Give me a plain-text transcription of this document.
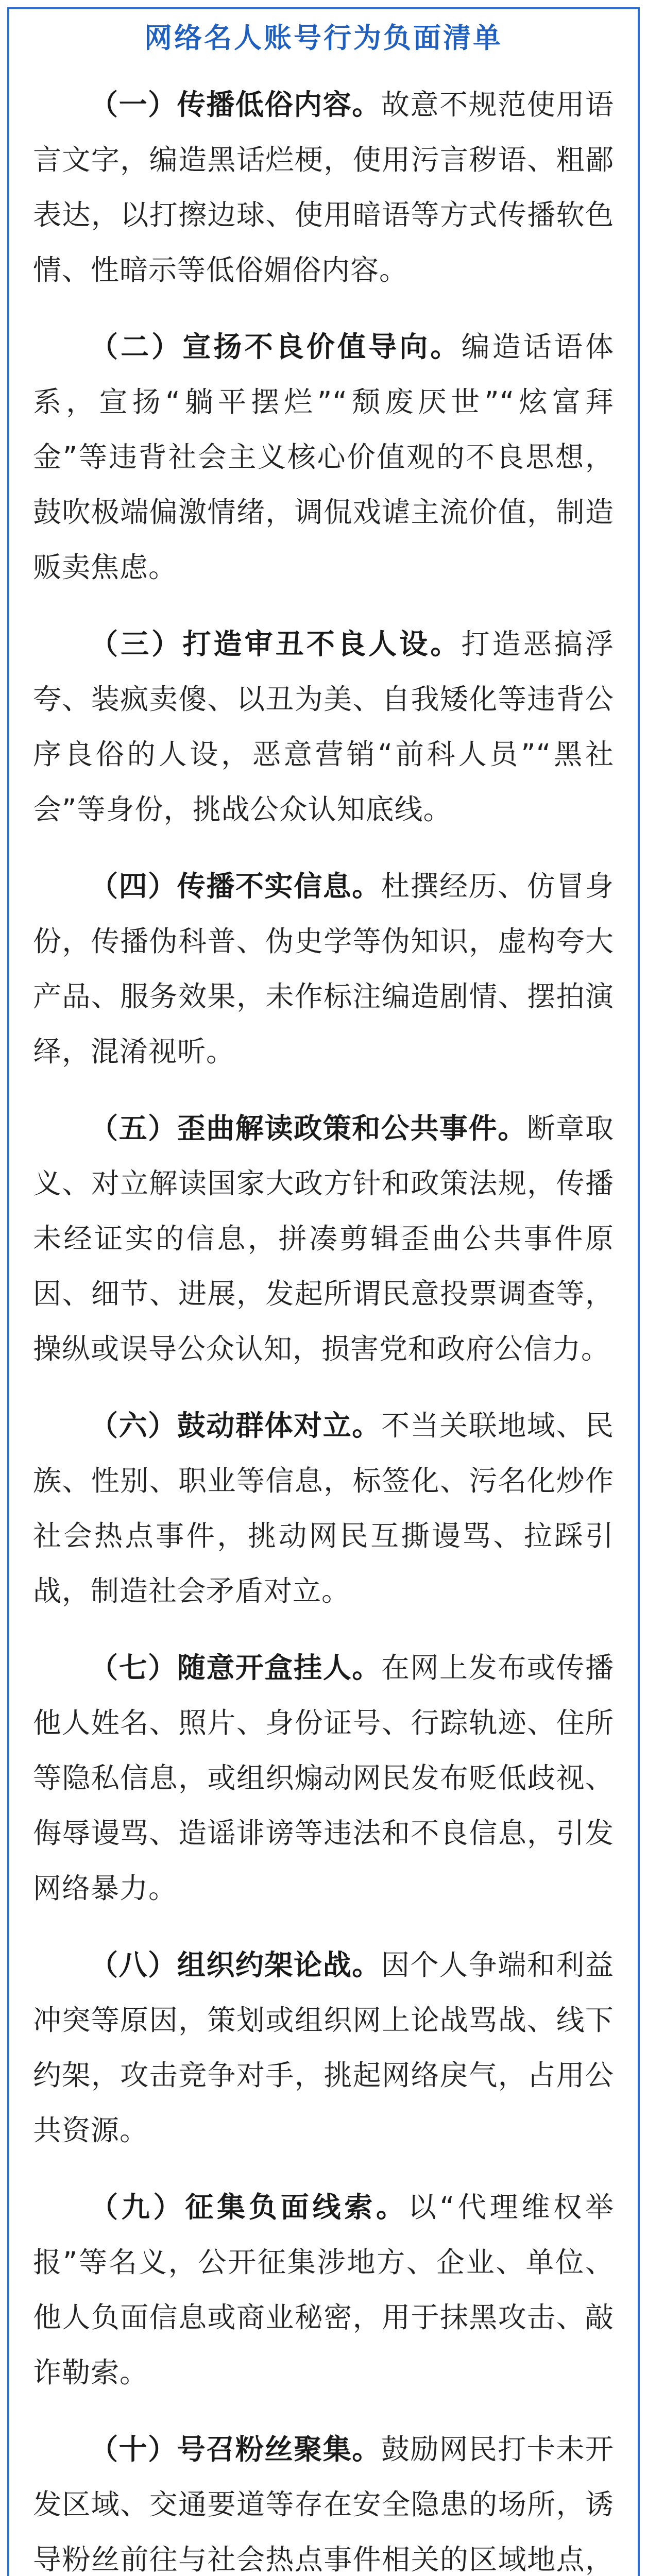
网络名人账号行为负面清单

（一）传播低俗内容。故意不规范使用语言文字，编造黑话烂梗，使用污言秽语、粗鄙表达，以打擦边球、使用暗语等方式传播软色情、性暗示等低俗媚俗内容。

（二）宣扬不良价值导向。编造话语体系，宣扬“躺平摆烂”“颓废厌世”“炫富拜金”等违背社会主义核心价值观的不良思想，鼓吹极端偏激情绪，调侃戏谑主流价值，制造贩卖焦虑。

（三）打造审丑不良人设。打造恶搞浮夸、装疯卖傻、以丑为美、自我矮化等违背公序良俗的人设，恶意营销“前科人员”“黑社会”等身份，挑战公众认知底线。

（四）传播不实信息。杜撰经历、仿冒身份，传播伪科普、伪史学等伪知识，虚构夸大产品、服务效果，未作标注编造剧情、摆拍演绎，混淆视听。

（五）歪曲解读政策和公共事件。断章取义、对立解读国家大政方针和政策法规，传播未经证实的信息，拼凑剪辑歪曲公共事件原因、细节、进展，发起所谓民意投票调查等，操纵或误导公众认知，损害党和政府公信力。

（六）鼓动群体对立。不当关联地域、民族、性别、职业等信息，标签化、污名化炒作社会热点事件，挑动网民互撕谩骂、拉踩引战，制造社会矛盾对立。

（七）随意开盒挂人。在网上发布或传播他人姓名、照片、身份证号、行踪轨迹、住所等隐私信息，或组织煽动网民发布贬低歧视、侮辱谩骂、造谣诽谤等违法和不良信息，引发网络暴力。

（八）组织约架论战。因个人争端和利益冲突等原因，策划或组织网上论战骂战、线下约架，攻击竞争对手，挑起网络戾气，占用公共资源。

（九）征集负面线索。以“代理维权举报”等名义，公开征集涉地方、企业、单位、他人负面信息或商业秘密，用于抹黑攻击、敲诈勒索。

（十）号召粉丝聚集。鼓励网民打卡未开发区域、交通要道等存在安全隐患的场所，诱导粉丝前往与社会热点事件相关的区域地点，
